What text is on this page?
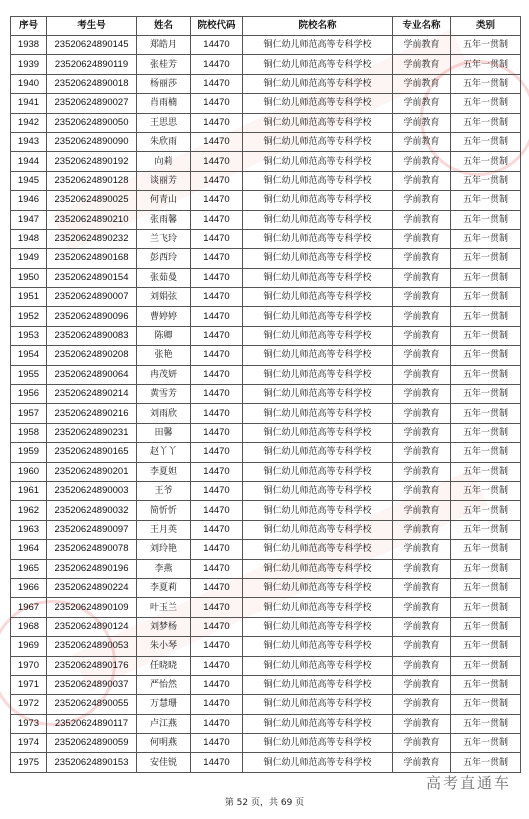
序号	考生号	姓名	院校代码	院校名称	专业名称	类别
1938	23520624890145	郑皓月	14470	铜仁幼儿师范高等专科学校	学前教育	五年一贯制
1939	23520624890119	张桂芳	14470	铜仁幼儿师范高等专科学校	学前教育	五年一贯制
1940	23520624890018	杨丽莎	14470	铜仁幼儿师范高等专科学校	学前教育	五年一贯制
1941	23520624890027	肖雨楠	14470	铜仁幼儿师范高等专科学校	学前教育	五年一贯制
1942	23520624890050	王思思	14470	铜仁幼儿师范高等专科学校	学前教育	五年一贯制
1943	23520624890090	朱欣雨	14470	铜仁幼儿师范高等专科学校	学前教育	五年一贯制
1944	23520624890192	向莉	14470	铜仁幼儿师范高等专科学校	学前教育	五年一贯制
1945	23520624890128	谈丽芳	14470	铜仁幼儿师范高等专科学校	学前教育	五年一贯制
1946	23520624890025	何青山	14470	铜仁幼儿师范高等专科学校	学前教育	五年一贯制
1947	23520624890210	张雨馨	14470	铜仁幼儿师范高等专科学校	学前教育	五年一贯制
1948	23520624890232	兰飞玲	14470	铜仁幼儿师范高等专科学校	学前教育	五年一贯制
1949	23520624890168	彭西玲	14470	铜仁幼儿师范高等专科学校	学前教育	五年一贯制
1950	23520624890154	张茹曼	14470	铜仁幼儿师范高等专科学校	学前教育	五年一贯制
1951	23520624890007	刘娟弦	14470	铜仁幼儿师范高等专科学校	学前教育	五年一贯制
1952	23520624890096	曹婷婷	14470	铜仁幼儿师范高等专科学校	学前教育	五年一贯制
1953	23520624890083	陈卿	14470	铜仁幼儿师范高等专科学校	学前教育	五年一贯制
1954	23520624890208	张艳	14470	铜仁幼儿师范高等专科学校	学前教育	五年一贯制
1955	23520624890064	冉茂妍	14470	铜仁幼儿师范高等专科学校	学前教育	五年一贯制
1956	23520624890214	黄雪芳	14470	铜仁幼儿师范高等专科学校	学前教育	五年一贯制
1957	23520624890216	刘雨欣	14470	铜仁幼儿师范高等专科学校	学前教育	五年一贯制
1958	23520624890231	田馨	14470	铜仁幼儿师范高等专科学校	学前教育	五年一贯制
1959	23520624890165	赵丫丫	14470	铜仁幼儿师范高等专科学校	学前教育	五年一贯制
1960	23520624890201	李夏妲	14470	铜仁幼儿师范高等专科学校	学前教育	五年一贯制
1961	23520624890003	王爷	14470	铜仁幼儿师范高等专科学校	学前教育	五年一贯制
1962	23520624890032	简忻忻	14470	铜仁幼儿师范高等专科学校	学前教育	五年一贯制
1963	23520624890097	王月英	14470	铜仁幼儿师范高等专科学校	学前教育	五年一贯制
1964	23520624890078	刘玲艳	14470	铜仁幼儿师范高等专科学校	学前教育	五年一贯制
1965	23520624890196	李燕	14470	铜仁幼儿师范高等专科学校	学前教育	五年一贯制
1966	23520624890224	李夏莉	14470	铜仁幼儿师范高等专科学校	学前教育	五年一贯制
1967	23520624890109	叶玉兰	14470	铜仁幼儿师范高等专科学校	学前教育	五年一贯制
1968	23520624890124	刘梦杨	14470	铜仁幼儿师范高等专科学校	学前教育	五年一贯制
1969	23520624890053	朱小琴	14470	铜仁幼儿师范高等专科学校	学前教育	五年一贯制
1970	23520624890176	任晓晓	14470	铜仁幼儿师范高等专科学校	学前教育	五年一贯制
1971	23520624890037	严怡然	14470	铜仁幼儿师范高等专科学校	学前教育	五年一贯制
1972	23520624890055	万慧珊	14470	铜仁幼儿师范高等专科学校	学前教育	五年一贯制
1973	23520624890117	卢江燕	14470	铜仁幼儿师范高等专科学校	学前教育	五年一贯制
1974	23520624890059	何明燕	14470	铜仁幼儿师范高等专科学校	学前教育	五年一贯制
1975	23520624890153	安佳锐	14470	铜仁幼儿师范高等专科学校	学前教育	五年一贯制
第 52 页，共 69 页
高考直通车
